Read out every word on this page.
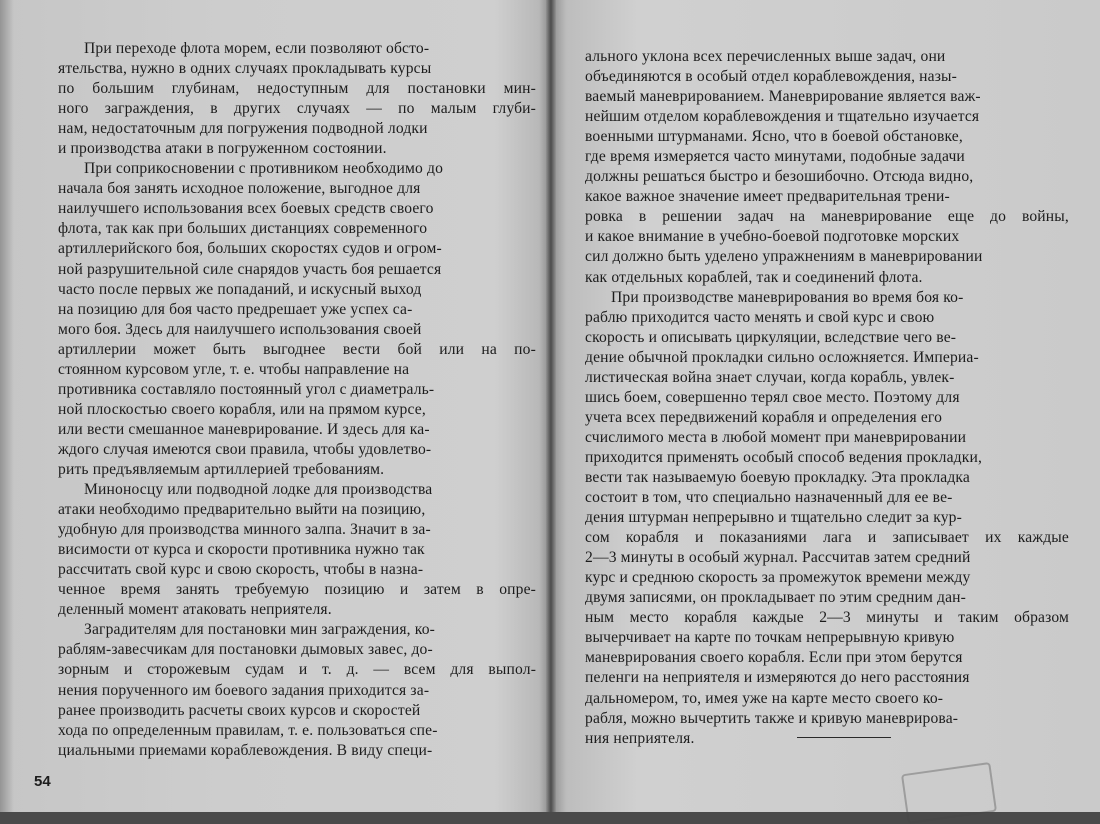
При переходе флота морем, если позволяют обсто-
ятельства, нужно в одних случаях прокладывать курсы
по большим глубинам, недоступным для постановки мин-
ного заграждения, в других случаях — по малым глуби-
нам, недостаточным для погружения подводной лодки
и производства атаки в погруженном состоянии.
При соприкосновении с противником необходимо до
начала боя занять исходное положение, выгодное для
наилучшего использования всех боевых средств своего
флота, так как при больших дистанциях современного
артиллерийского боя, больших скоростях судов и огром-
ной разрушительной силе снарядов участь боя решается
часто после первых же попаданий, и искусный выход
на позицию для боя часто предрешает уже успех са-
мого боя. Здесь для наилучшего использования своей
артиллерии может быть выгоднее вести бой или на по-
стоянном курсовом угле, т. е. чтобы направление на
противника составляло постоянный угол с диаметраль-
ной плоскостью своего корабля, или на прямом курсе,
или вести смешанное маневрирование. И здесь для ка-
ждого случая имеются свои правила, чтобы удовлетво-
рить предъявляемым артиллерией требованиям.
Миноносцу или подводной лодке для производства
атаки необходимо предварительно выйти на позицию,
удобную для производства минного залпа. Значит в за-
висимости от курса и скорости противника нужно так
рассчитать свой курс и свою скорость, чтобы в назна-
ченное время занять требуемую позицию и затем в опре-
деленный момент атаковать неприятеля.
Заградителям для постановки мин заграждения, ко-
раблям-завесчикам для постановки дымовых завес, до-
зорным и сторожевым судам и т. д. — всем для выпол-
нения порученного им боевого задания приходится за-
ранее производить расчеты своих курсов и скоростей
хода по определенным правилам, т. е. пользоваться спе-
циальными приемами кораблевождения. В виду специ-
54
ального уклона всех перечисленных выше задач, они
объединяются в особый отдел кораблевождения, назы-
ваемый маневрированием. Маневрирование является важ-
нейшим отделом кораблевождения и тщательно изучается
военными штурманами. Ясно, что в боевой обстановке,
где время измеряется часто минутами, подобные задачи
должны решаться быстро и безошибочно. Отсюда видно,
какое важное значение имеет предварительная трени-
ровка в решении задач на маневрирование еще до войны,
и какое внимание в учебно-боевой подготовке морских
сил должно быть уделено упражнениям в маневрировании
как отдельных кораблей, так и соединений флота.
При производстве маневрирования во время боя ко-
раблю приходится часто менять и свой курс и свою
скорость и описывать циркуляции, вследствие чего ве-
дение обычной прокладки сильно осложняется. Империа-
листическая война знает случаи, когда корабль, увлек-
шись боем, совершенно терял свое место. Поэтому для
учета всех передвижений корабля и определения его
счислимого места в любой момент при маневрировании
приходится применять особый способ ведения прокладки,
вести так называемую боевую прокладку. Эта прокладка
состоит в том, что специально назначенный для ее ве-
дения штурман непрерывно и тщательно следит за кур-
сом корабля и показаниями лага и записывает их каждые
2—3 минуты в особый журнал. Рассчитав затем средний
курс и среднюю скорость за промежуток времени между
двумя записями, он прокладывает по этим средним дан-
ным место корабля каждые 2—3 минуты и таким образом
вычерчивает на карте по точкам непрерывную кривую
маневрирования своего корабля. Если при этом берутся
пеленги на неприятеля и измеряются до него расстояния
дальномером, то, имея уже на карте место своего ко-
рабля, можно вычертить также и кривую маневрирова-
ния неприятеля.
